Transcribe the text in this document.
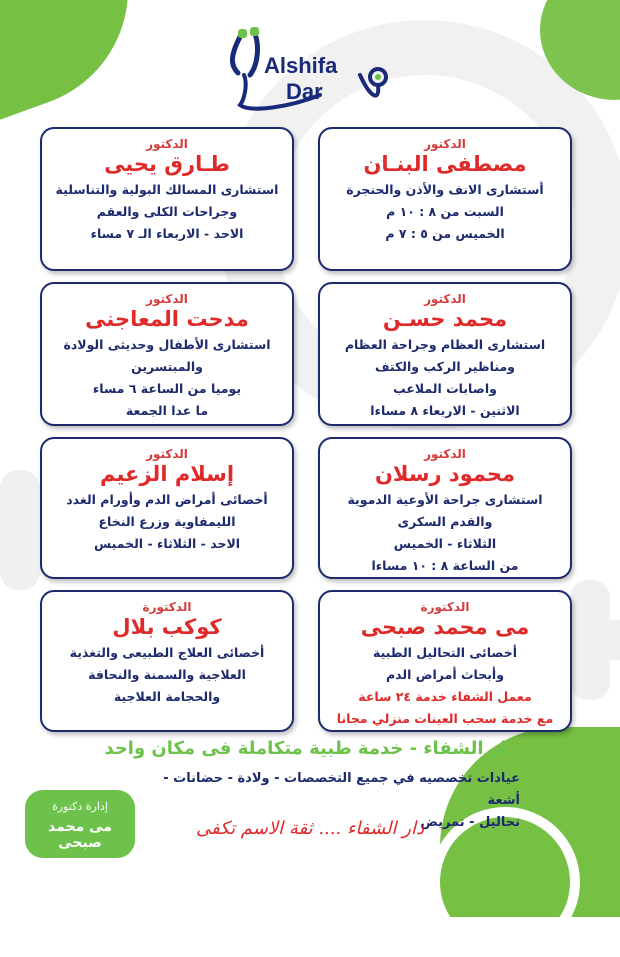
Alshifa
Dar
الدكتور
مصطفى البنـان
أستشارى الانف والأذن والحنجرة
السبت من ٨ : ١٠ م
الخميس من ٥ : ٧ م
الدكتور
طـارق يحيى
استشارى المسالك البولية والتناسلية
وجراحات الكلى والعقم
الاحد - الاربعاء الـ ٧ مساء
الدكتور
محمد حسـن
استشارى العظام وجراحة العظام
ومناظير الركب والكتف
واصابات الملاعب
الاثنين - الاربعاء ٨ مساءا
الدكتور
مدحت المعاجنى
استشارى الأطفال وحديثى الولادة
والمبتسرين
يوميا من الساعة ٦ مساء
ما عدا الجمعة
الدكتور
محمود رسلان
استشارى جراحة الأوعية الدموية
والقدم السكرى
الثلاثاء - الخميس
من الساعة ٨ : ١٠ مساءا
الدكتور
إسلام الزعيم
أخصائى أمراض الدم وأورام الغدد
الليمفاوية وزرع النخاع
الاحد - الثلاثاء - الخميس
الدكتورة
مى محمد صبحى
أخصائى التحاليل الطبية
وأبحاث أمراض الدم
معمل الشفاء خدمة ٢٤ ساعة
مع خدمة سحب العينات منزلي مجانا
الدكتورة
كوكب بلال
أخصائى العلاج الطبيعى والتغذية
العلاجية والسمنة والنحافة
والحجامة العلاجية
دار الشفاء - خدمة طبية متكاملة فى مكان واحد
عيادات تخصصيه في جميع التخصصات - ولادة - حضانات - أشعة
تحاليل - تمريض
دار الشفاء .... ثقة الاسم تكفى
إدارة دكتورة
مى محمد صبحى
